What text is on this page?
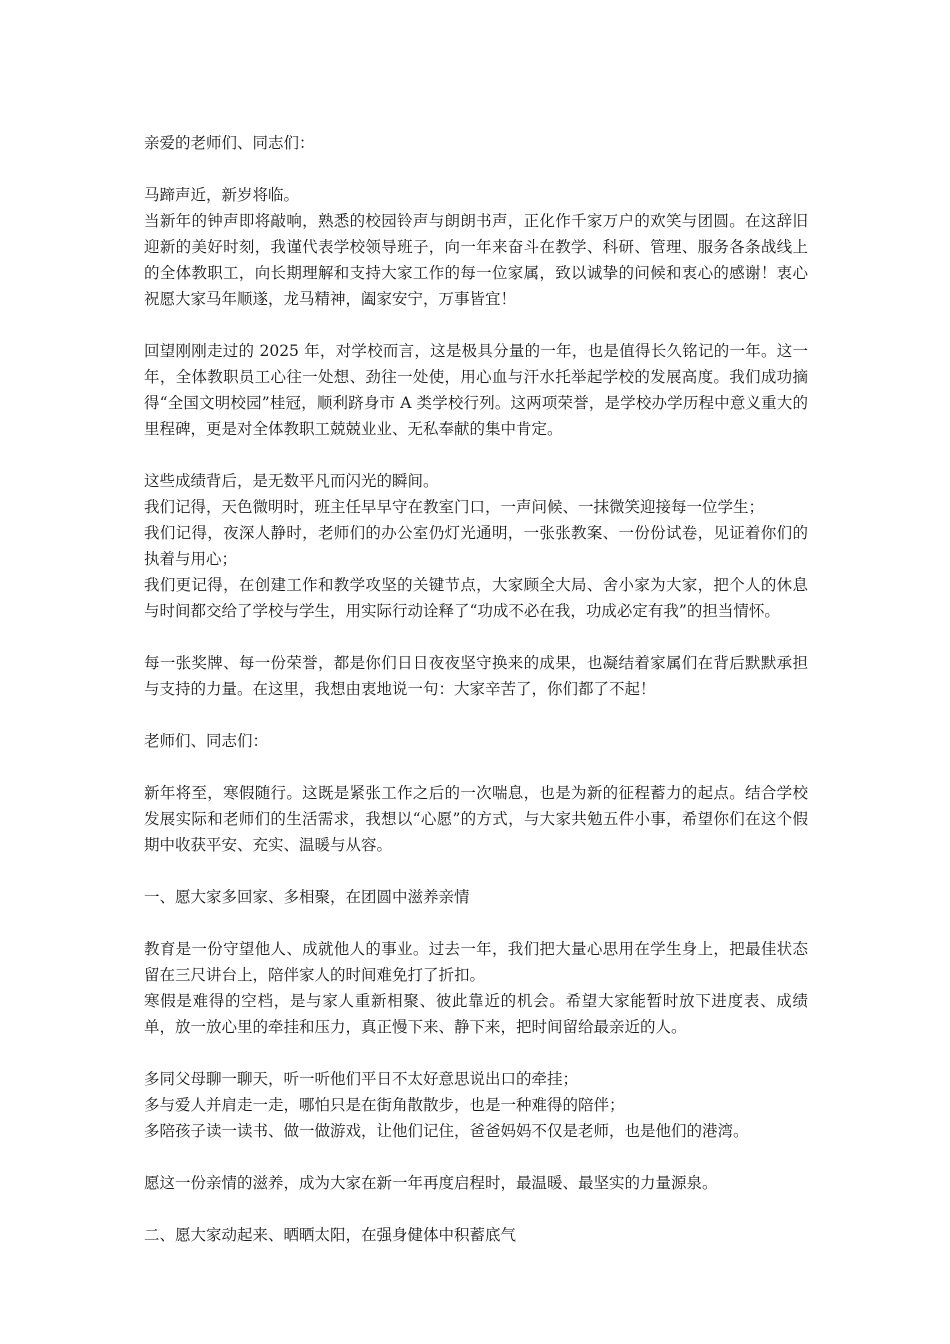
亲爱的老师们、同志们：

马蹄声近，新岁将临。

当新年的钟声即将敲响，熟悉的校园铃声与朗朗书声，正化作千家万户的欢笑与团圆。在这辞旧迎新的美好时刻，我谨代表学校领导班子，向一年来奋斗在教学、科研、管理、服务各条战线上的全体教职工，向长期理解和支持大家工作的每一位家属，致以诚挚的问候和衷心的感谢！衷心祝愿大家马年顺遂，龙马精神，阖家安宁，万事皆宜！

回望刚刚走过的 2025 年，对学校而言，这是极具分量的一年，也是值得长久铭记的一年。这一年，全体教职员工心往一处想、劲往一处使，用心血与汗水托举起学校的发展高度。我们成功摘得“全国文明校园”桂冠，顺利跻身市 A 类学校行列。这两项荣誉，是学校办学历程中意义重大的里程碑，更是对全体教职工兢兢业业、无私奉献的集中肯定。

这些成绩背后，是无数平凡而闪光的瞬间。

我们记得，天色微明时，班主任早早守在教室门口，一声问候、一抹微笑迎接每一位学生；

我们记得，夜深人静时，老师们的办公室仍灯光通明，一张张教案、一份份试卷，见证着你们的执着与用心；

我们更记得，在创建工作和教学攻坚的关键节点，大家顾全大局、舍小家为大家，把个人的休息与时间都交给了学校与学生，用实际行动诠释了“功成不必在我，功成必定有我”的担当情怀。

每一张奖牌、每一份荣誉，都是你们日日夜夜坚守换来的成果，也凝结着家属们在背后默默承担与支持的力量。在这里，我想由衷地说一句：大家辛苦了，你们都了不起！

老师们、同志们：

新年将至，寒假随行。这既是紧张工作之后的一次喘息，也是为新的征程蓄力的起点。结合学校发展实际和老师们的生活需求，我想以“心愿”的方式，与大家共勉五件小事，希望你们在这个假期中收获平安、充实、温暖与从容。

一、愿大家多回家、多相聚，在团圆中滋养亲情

教育是一份守望他人、成就他人的事业。过去一年，我们把大量心思用在学生身上，把最佳状态留在三尺讲台上，陪伴家人的时间难免打了折扣。

寒假是难得的空档，是与家人重新相聚、彼此靠近的机会。希望大家能暂时放下进度表、成绩单，放一放心里的牵挂和压力，真正慢下来、静下来，把时间留给最亲近的人。

多同父母聊一聊天，听一听他们平日不太好意思说出口的牵挂；

多与爱人并肩走一走，哪怕只是在街角散散步，也是一种难得的陪伴；

多陪孩子读一读书、做一做游戏，让他们记住，爸爸妈妈不仅是老师，也是他们的港湾。

愿这一份亲情的滋养，成为大家在新一年再度启程时，最温暖、最坚实的力量源泉。

二、愿大家动起来、晒晒太阳，在强身健体中积蓄底气
